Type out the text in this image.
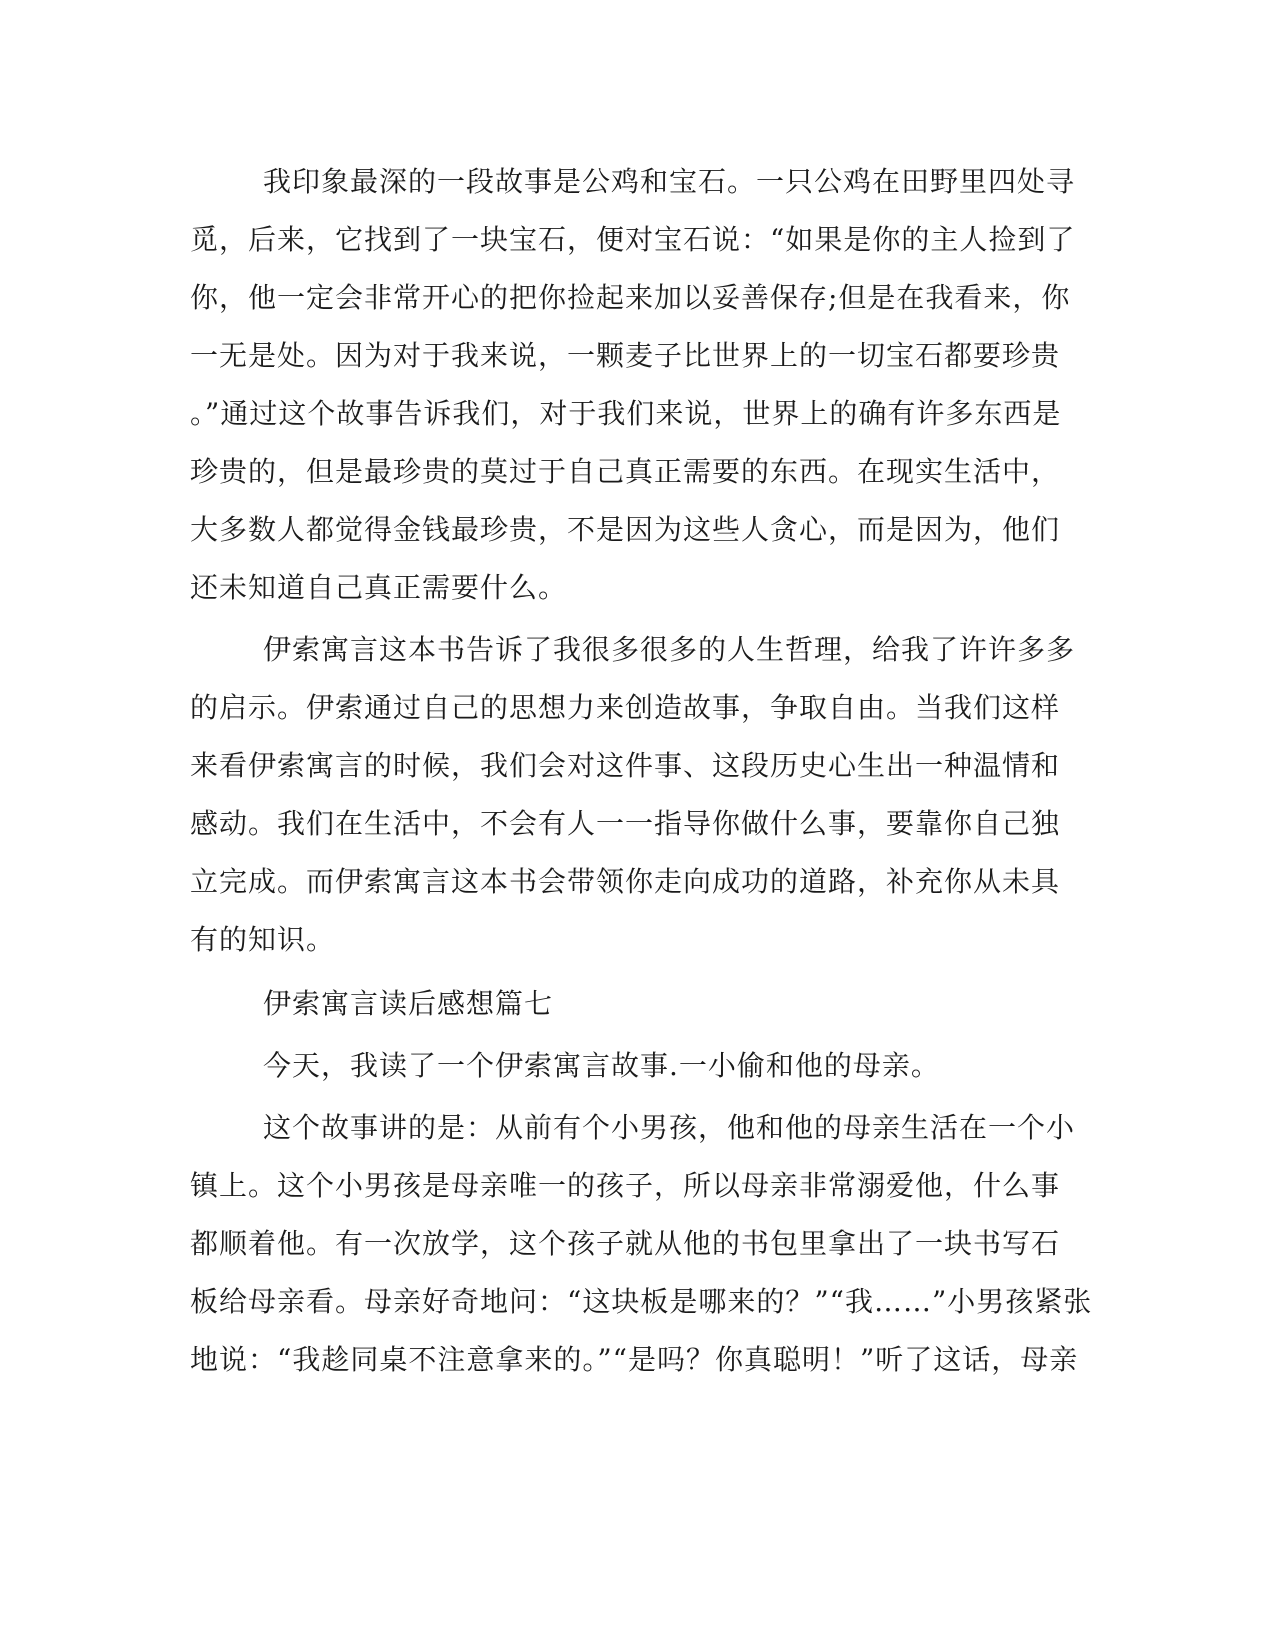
我印象最深的一段故事是公鸡和宝石。一只公鸡在田野里四处寻
觅，后来，它找到了一块宝石，便对宝石说：“如果是你的主人捡到了
你，他一定会非常开心的把你捡起来加以妥善保存;但是在我看来，你
一无是处。因为对于我来说，一颗麦子比世界上的一切宝石都要珍贵
。”通过这个故事告诉我们，对于我们来说，世界上的确有许多东西是
珍贵的，但是最珍贵的莫过于自己真正需要的东西。在现实生活中，
大多数人都觉得金钱最珍贵，不是因为这些人贪心，而是因为，他们
还未知道自己真正需要什么。
伊索寓言这本书告诉了我很多很多的人生哲理，给我了许许多多
的启示。伊索通过自己的思想力来创造故事，争取自由。当我们这样
来看伊索寓言的时候，我们会对这件事、这段历史心生出一种温情和
感动。我们在生活中，不会有人一一指导你做什么事，要靠你自己独
立完成。而伊索寓言这本书会带领你走向成功的道路，补充你从未具
有的知识。
伊索寓言读后感想篇七
今天，我读了一个伊索寓言故事.一小偷和他的母亲。
这个故事讲的是：从前有个小男孩，他和他的母亲生活在一个小
镇上。这个小男孩是母亲唯一的孩子，所以母亲非常溺爱他，什么事
都顺着他。有一次放学，这个孩子就从他的书包里拿出了一块书写石
板给母亲看。母亲好奇地问：“这块板是哪来的？”“我……”小男孩紧张
地说：“我趁同桌不注意拿来的。”“是吗？你真聪明！”听了这话，母亲
